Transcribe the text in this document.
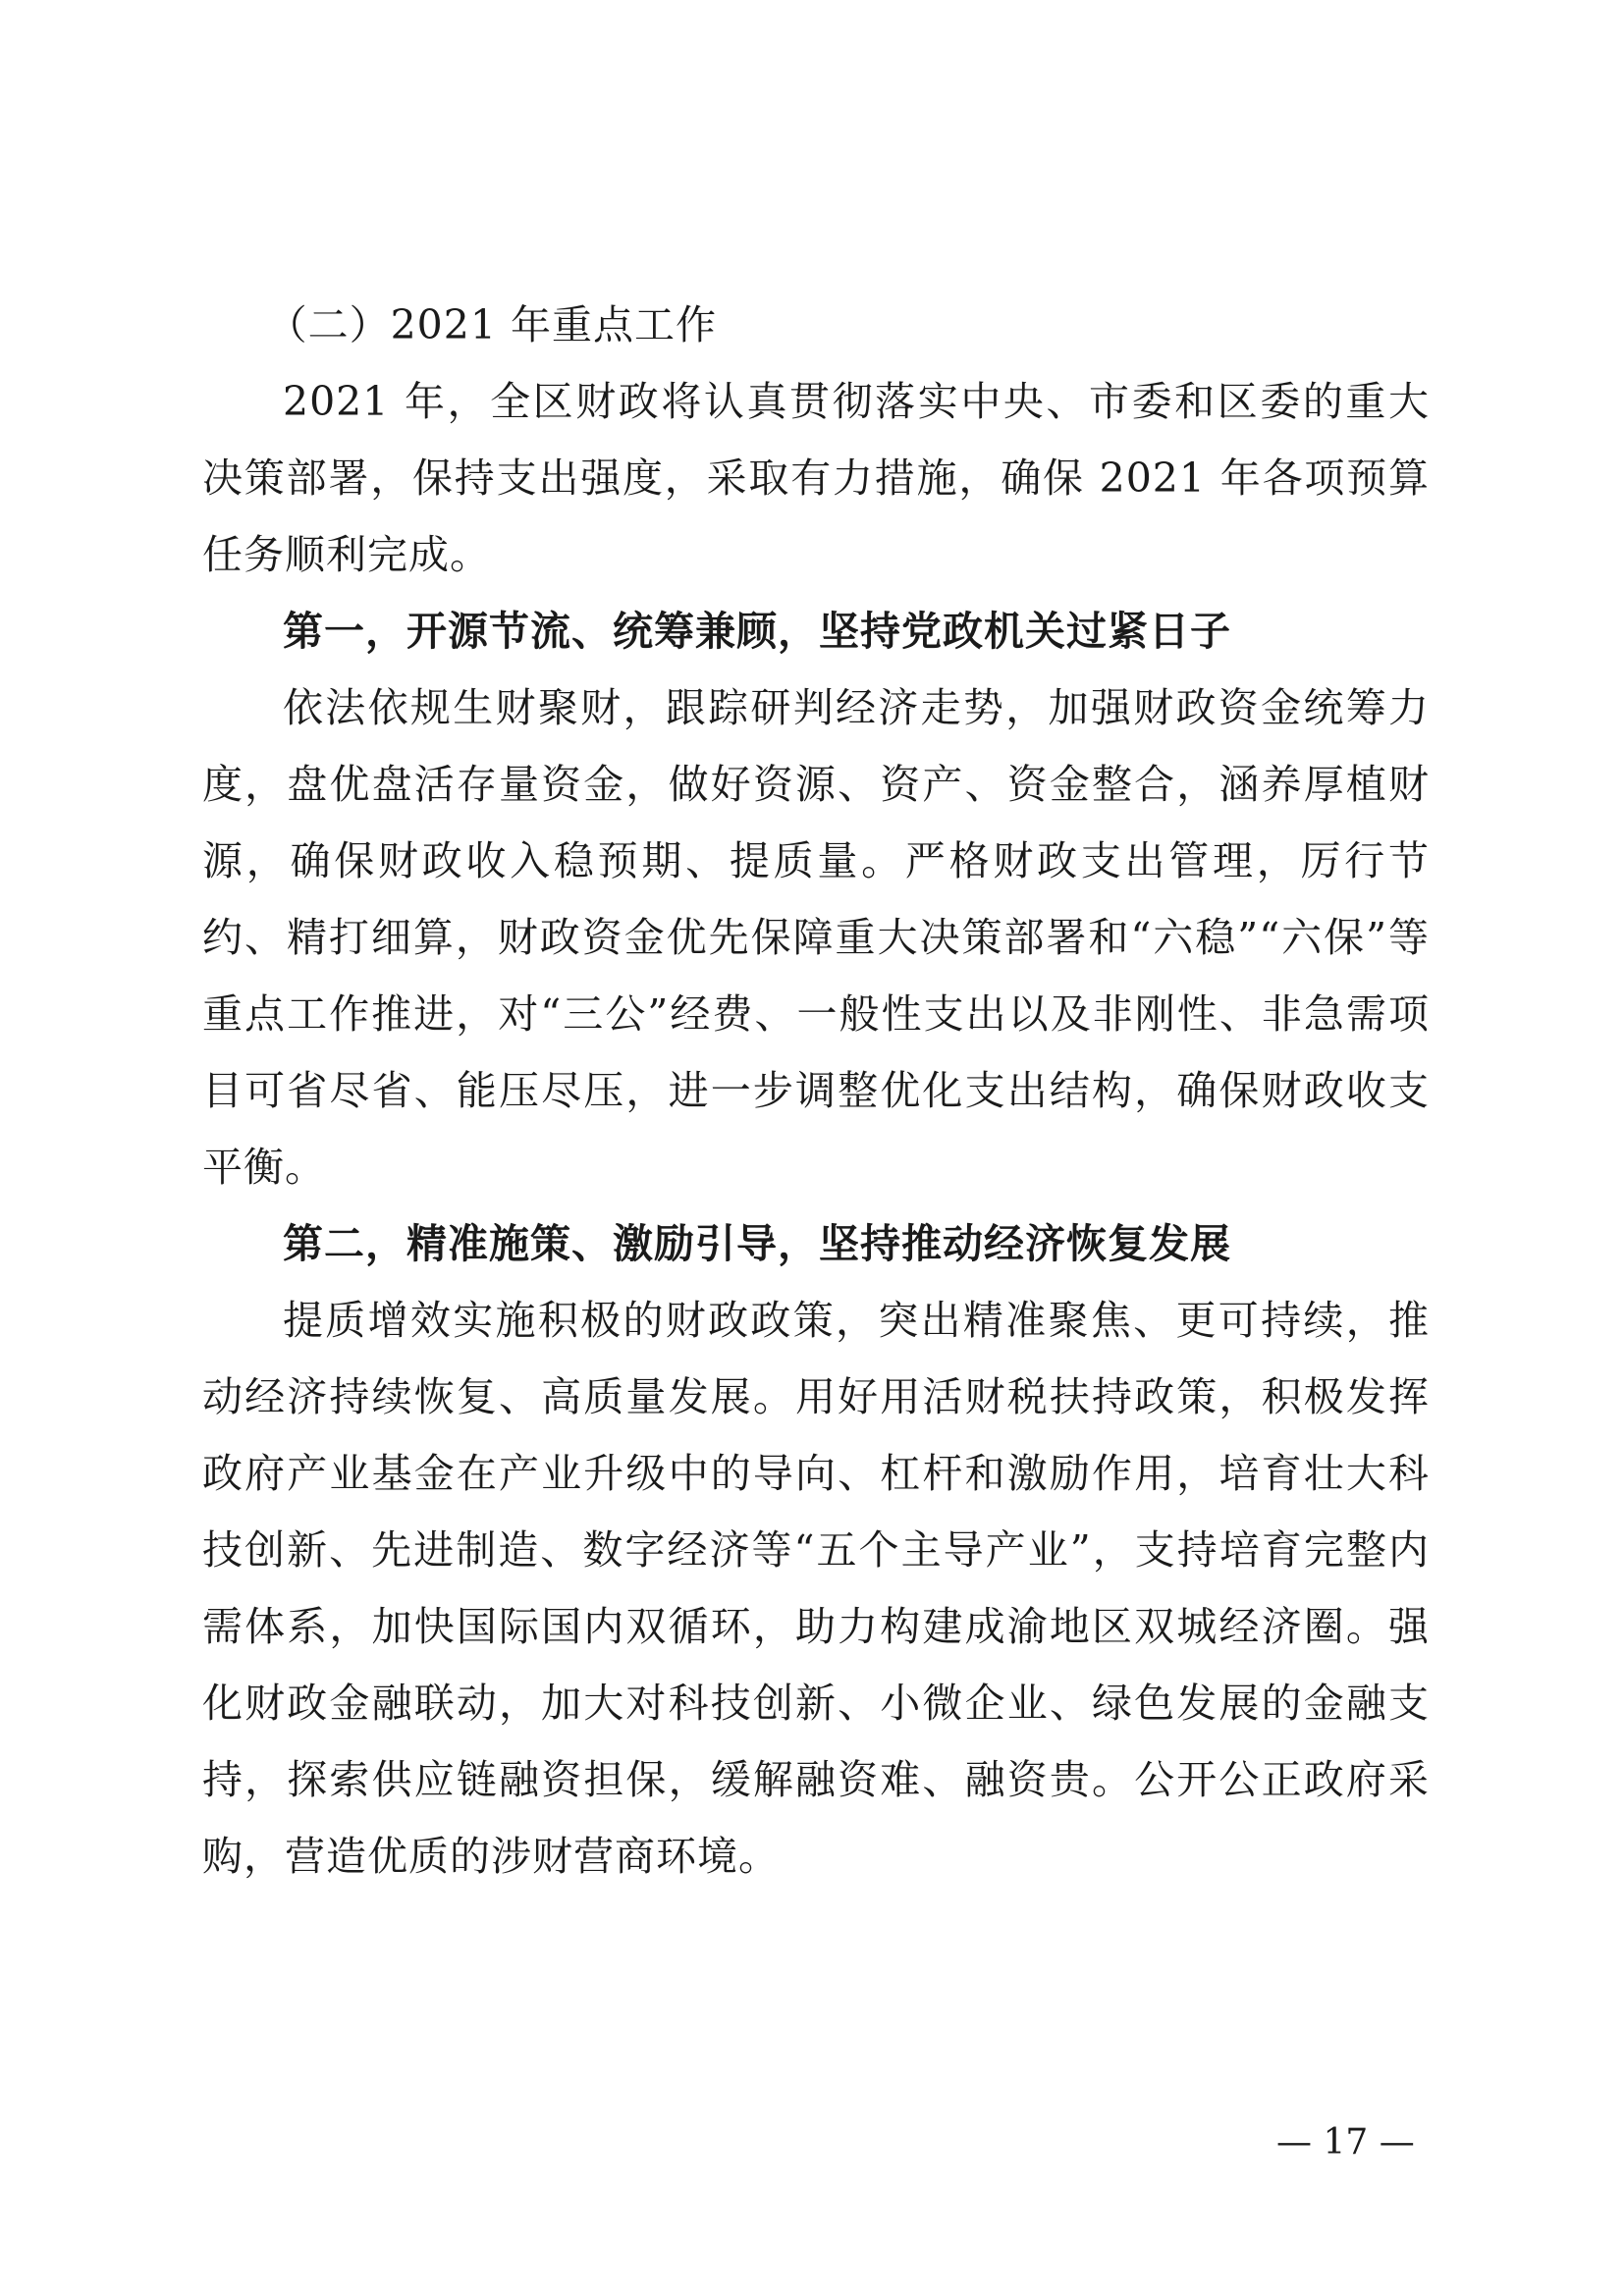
（二）2021 年重点工作

2021 年，全区财政将认真贯彻落实中央、市委和区委的重大决策部署，保持支出强度，采取有力措施，确保 2021 年各项预算任务顺利完成。

第一，开源节流、统筹兼顾，坚持党政机关过紧日子

依法依规生财聚财，跟踪研判经济走势，加强财政资金统筹力度，盘优盘活存量资金，做好资源、资产、资金整合，涵养厚植财源，确保财政收入稳预期、提质量。严格财政支出管理，厉行节约、精打细算，财政资金优先保障重大决策部署和“六稳”“六保”等重点工作推进，对“三公”经费、一般性支出以及非刚性、非急需项目可省尽省、能压尽压，进一步调整优化支出结构，确保财政收支平衡。

第二，精准施策、激励引导，坚持推动经济恢复发展

提质增效实施积极的财政政策，突出精准聚焦、更可持续，推动经济持续恢复、高质量发展。用好用活财税扶持政策，积极发挥政府产业基金在产业升级中的导向、杠杆和激励作用，培育壮大科技创新、先进制造、数字经济等“五个主导产业”，支持培育完整内需体系，加快国际国内双循环，助力构建成渝地区双城经济圈。强化财政金融联动，加大对科技创新、小微企业、绿色发展的金融支持，探索供应链融资担保，缓解融资难、融资贵。公开公正政府采购，营造优质的涉财营商环境。

— 17 —
